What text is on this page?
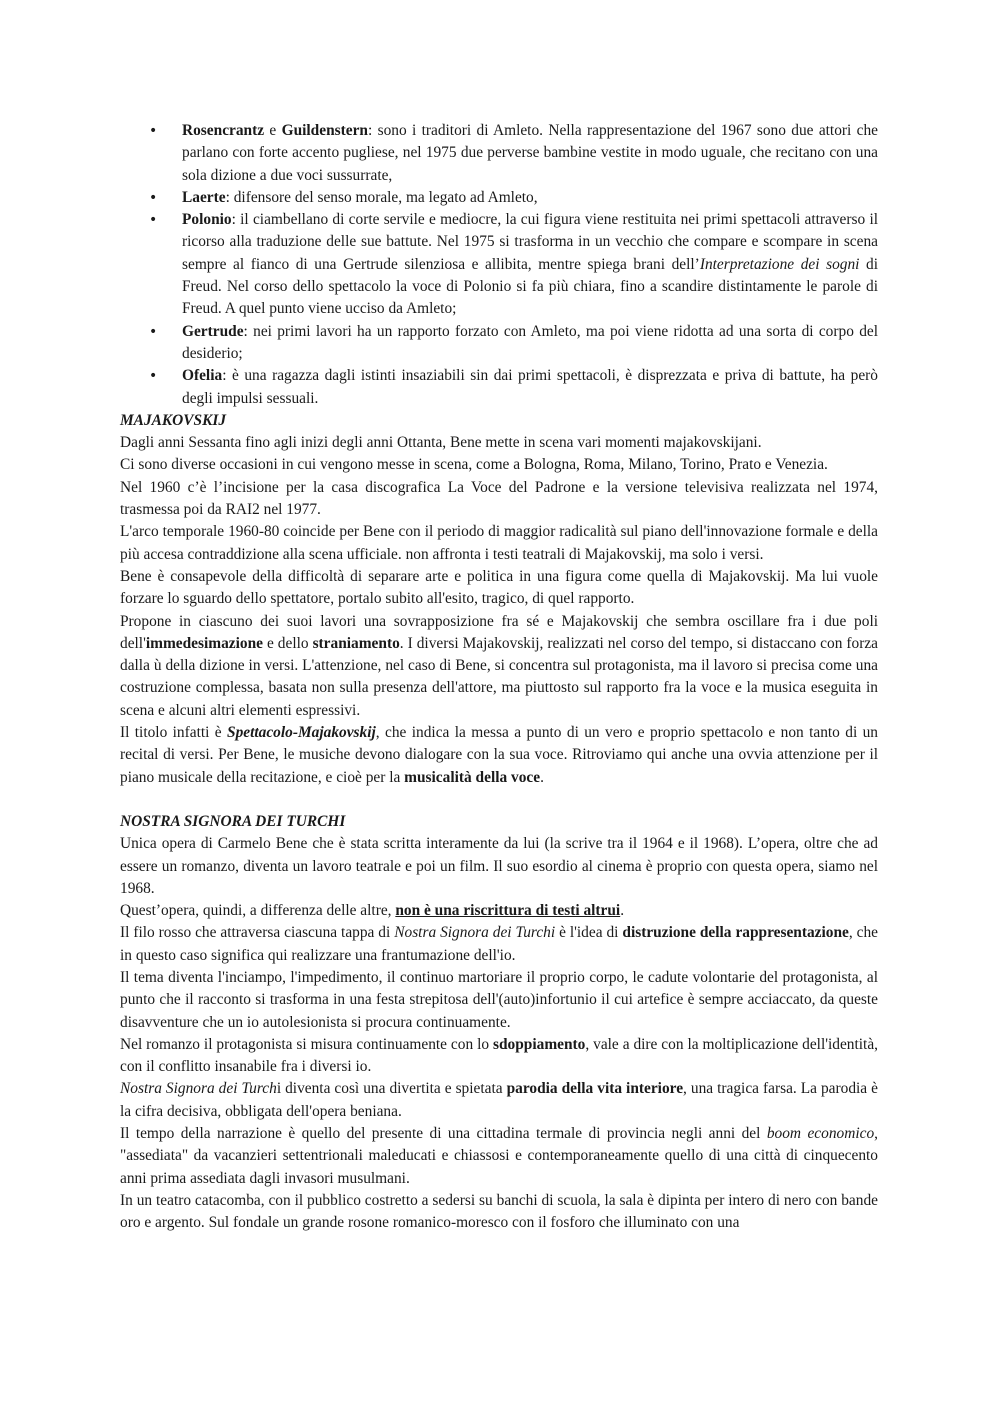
• Rosencrantz e Guildenstern: sono i traditori di Amleto. Nella rappresentazione del 1967 sono due attori che parlano con forte accento pugliese, nel 1975 due perverse bambine vestite in modo uguale, che recitano con una sola dizione a due voci sussurrate,
• Laerte: difensore del senso morale, ma legato ad Amleto,
• Polonio: il ciambellano di corte servile e mediocre, la cui figura viene restituita nei primi spettacoli attraverso il ricorso alla traduzione delle sue battute. Nel 1975 si trasforma in un vecchio che compare e scompare in scena sempre al fianco di una Gertrude silenziosa e allibita, mentre spiega brani dell’Interpretazione dei sogni di Freud. Nel corso dello spettacolo la voce di Polonio si fa più chiara, fino a scandire distintamente le parole di Freud. A quel punto viene ucciso da Amleto;
• Gertrude: nei primi lavori ha un rapporto forzato con Amleto, ma poi viene ridotta ad una sorta di corpo del desiderio;
• Ofelia: è una ragazza dagli istinti insaziabili sin dai primi spettacoli, è disprezzata e priva di battute, ha però degli impulsi sessuali.

MAJAKOVSKIJ

Dagli anni Sessanta fino agli inizi degli anni Ottanta, Bene mette in scena vari momenti majakovskijani.

Ci sono diverse occasioni in cui vengono messe in scena, come a Bologna, Roma, Milano, Torino, Prato e Venezia.

Nel 1960 c’è l’incisione per la casa discografica La Voce del Padrone e la versione televisiva realizzata nel 1974, trasmessa poi da RAI2 nel 1977.

L'arco temporale 1960-80 coincide per Bene con il periodo di maggior radicalità sul piano dell'innovazione formale e della più accesa contraddizione alla scena ufficiale. non affronta i testi teatrali di Majakovskij, ma solo i versi.

Bene è consapevole della difficoltà di separare arte e politica in una figura come quella di Majakovskij. Ma lui vuole forzare lo sguardo dello spettatore, portalo subito all'esito, tragico, di quel rapporto.

Propone in ciascuno dei suoi lavori una sovrapposizione fra sé e Majakovskij che sembra oscillare fra i due poli dell'immedesimazione e dello straniamento. I diversi Majakovskij, realizzati nel corso del tempo, si distaccano con forza dalla ù della dizione in versi. L'attenzione, nel caso di Bene, si concentra sul protagonista, ma il lavoro si precisa come una costruzione complessa, basata non sulla presenza dell'attore, ma piuttosto sul rapporto fra la voce e la musica eseguita in scena e alcuni altri elementi espressivi.

Il titolo infatti è Spettacolo-Majakovskij, che indica la messa a punto di un vero e proprio spettacolo e non tanto di un recital di versi. Per Bene, le musiche devono dialogare con la sua voce. Ritroviamo qui anche una ovvia attenzione per il piano musicale della recitazione, e cioè per la musicalità della voce.

NOSTRA SIGNORA DEI TURCHI

Unica opera di Carmelo Bene che è stata scritta interamente da lui (la scrive tra il 1964 e il 1968). L’opera, oltre che ad essere un romanzo, diventa un lavoro teatrale e poi un film. Il suo esordio al cinema è proprio con questa opera, siamo nel 1968.

Quest’opera, quindi, a differenza delle altre, non è una riscrittura di testi altrui.

Il filo rosso che attraversa ciascuna tappa di Nostra Signora dei Turchi è l'idea di distruzione della rappresentazione, che in questo caso significa qui realizzare una frantumazione dell'io.

Il tema diventa l'inciampo, l'impedimento, il continuo martoriare il proprio corpo, le cadute volontarie del protagonista, al punto che il racconto si trasforma in una festa strepitosa dell'(auto)infortunio il cui artefice è sempre acciaccato, da queste disavventure che un io autolesionista si procura continuamente.

Nel romanzo il protagonista si misura continuamente con lo sdoppiamento, vale a dire con la moltiplicazione dell'identità, con il conflitto insanabile fra i diversi io.

Nostra Signora dei Turchi diventa così una divertita e spietata parodia della vita interiore, una tragica farsa. La parodia è la cifra decisiva, obbligata dell'opera beniana.

Il tempo della narrazione è quello del presente di una cittadina termale di provincia negli anni del boom economico, "assediata" da vacanzieri settentrionali maleducati e chiassosi e contemporaneamente quello di una città di cinquecento anni prima assediata dagli invasori musulmani.

In un teatro catacomba, con il pubblico costretto a sedersi su banchi di scuola, la sala è dipinta per intero di nero con bande oro e argento. Sul fondale un grande rosone romanico-moresco con il fosforo che illuminato con una
